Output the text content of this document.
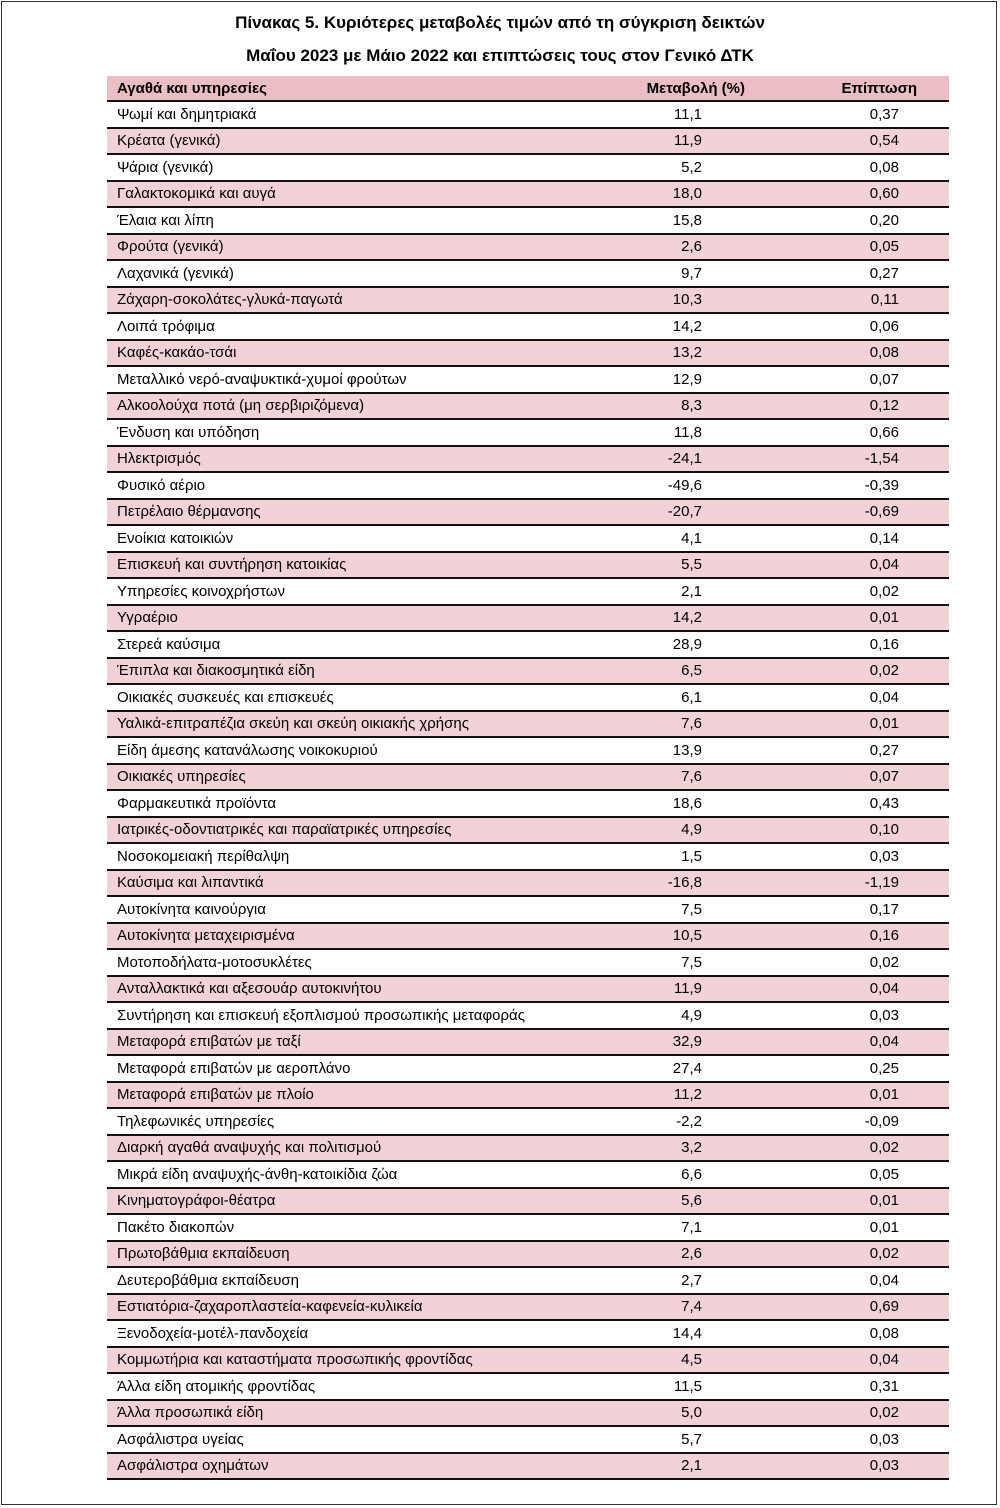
Πίνακας 5. Κυριότερες μεταβολές τιμών από τη σύγκριση δεικτών
Μαΐου 2023 με Μάιο 2022 και επιπτώσεις τους στον Γενικό ΔΤΚ
Αγαθά και υπηρεσίες	Μεταβολή (%)	Επίπτωση
Ψωμί και δημητριακά	11,1	0,37
Κρέατα (γενικά)	11,9	0,54
Ψάρια (γενικά)	5,2	0,08
Γαλακτοκομικά και αυγά	18,0	0,60
Έλαια και λίπη	15,8	0,20
Φρούτα (γενικά)	2,6	0,05
Λαχανικά (γενικά)	9,7	0,27
Ζάχαρη-σοκολάτες-γλυκά-παγωτά	10,3	0,11
Λοιπά τρόφιμα	14,2	0,06
Καφές-κακάο-τσάι	13,2	0,08
Μεταλλικό νερό-αναψυκτικά-χυμοί φρούτων	12,9	0,07
Αλκοολούχα ποτά (μη σερβιριζόμενα)	8,3	0,12
Ένδυση και υπόδηση	11,8	0,66
Ηλεκτρισμός	-24,1	-1,54
Φυσικό αέριο	-49,6	-0,39
Πετρέλαιο θέρμανσης	-20,7	-0,69
Ενοίκια κατοικιών	4,1	0,14
Επισκευή και συντήρηση κατοικίας	5,5	0,04
Υπηρεσίες κοινοχρήστων	2,1	0,02
Υγραέριο	14,2	0,01
Στερεά καύσιμα	28,9	0,16
Έπιπλα και διακοσμητικά είδη	6,5	0,02
Οικιακές συσκευές και επισκευές	6,1	0,04
Υαλικά-επιτραπέζια σκεύη και σκεύη οικιακής χρήσης	7,6	0,01
Είδη άμεσης κατανάλωσης νοικοκυριού	13,9	0,27
Οικιακές υπηρεσίες	7,6	0,07
Φαρμακευτικά προϊόντα	18,6	0,43
Ιατρικές-οδοντιατρικές και παραϊατρικές υπηρεσίες	4,9	0,10
Νοσοκομειακή περίθαλψη	1,5	0,03
Καύσιμα και λιπαντικά	-16,8	-1,19
Αυτοκίνητα καινούργια	7,5	0,17
Αυτοκίνητα μεταχειρισμένα	10,5	0,16
Μοτοποδήλατα-μοτοσυκλέτες	7,5	0,02
Ανταλλακτικά και αξεσουάρ αυτοκινήτου	11,9	0,04
Συντήρηση και επισκευή εξοπλισμού προσωπικής μεταφοράς	4,9	0,03
Μεταφορά επιβατών με ταξί	32,9	0,04
Μεταφορά επιβατών με αεροπλάνο	27,4	0,25
Μεταφορά επιβατών με πλοίο	11,2	0,01
Τηλεφωνικές υπηρεσίες	-2,2	-0,09
Διαρκή αγαθά αναψυχής και πολιτισμού	3,2	0,02
Μικρά είδη αναψυχής-άνθη-κατοικίδια ζώα	6,6	0,05
Κινηματογράφοι-θέατρα	5,6	0,01
Πακέτο διακοπών	7,1	0,01
Πρωτοβάθμια εκπαίδευση	2,6	0,02
Δευτεροβάθμια εκπαίδευση	2,7	0,04
Εστιατόρια-ζαχαροπλαστεία-καφενεία-κυλικεία	7,4	0,69
Ξενοδοχεία-μοτέλ-πανδοχεία	14,4	0,08
Κομμωτήρια και καταστήματα προσωπικής φροντίδας	4,5	0,04
Άλλα είδη ατομικής φροντίδας	11,5	0,31
Άλλα προσωπικά είδη	5,0	0,02
Ασφάλιστρα υγείας	5,7	0,03
Ασφάλιστρα οχημάτων	2,1	0,03
